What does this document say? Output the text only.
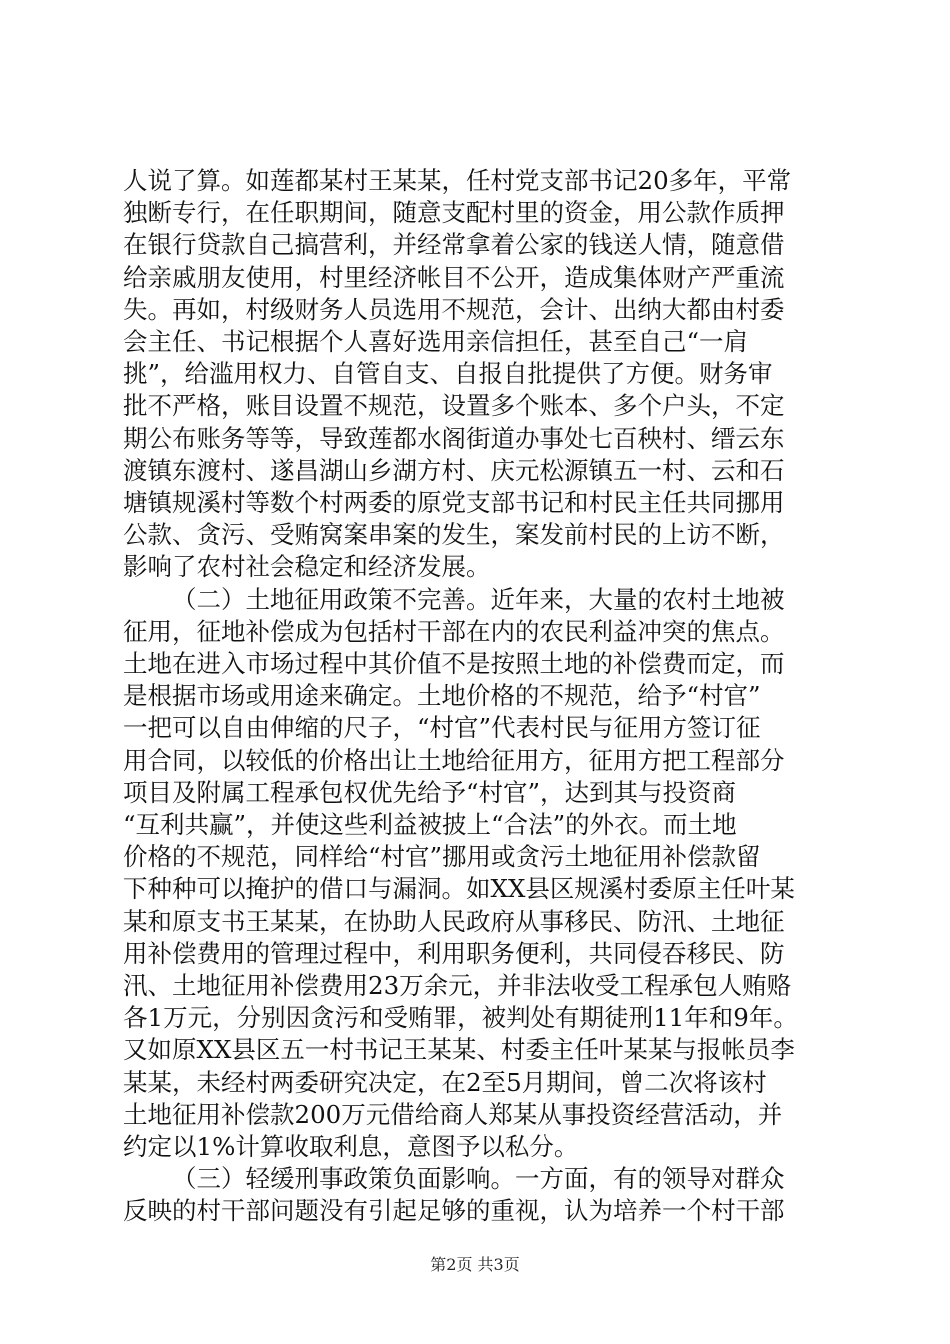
人说了算。如莲都某村王某某，任村党支部书记20多年，平常
独断专行，在任职期间，随意支配村里的资金，用公款作质押
在银行贷款自己搞营利，并经常拿着公家的钱送人情，随意借
给亲戚朋友使用，村里经济帐目不公开，造成集体财产严重流
失。再如，村级财务人员选用不规范，会计、出纳大都由村委
会主任、书记根据个人喜好选用亲信担任，甚至自己“一肩
挑”，给滥用权力、自管自支、自报自批提供了方便。财务审
批不严格，账目设置不规范，设置多个账本、多个户头，不定
期公布账务等等，导致莲都水阁街道办事处七百秧村、缙云东
渡镇东渡村、遂昌湖山乡湖方村、庆元松源镇五一村、云和石
塘镇规溪村等数个村两委的原党支部书记和村民主任共同挪用
公款、贪污、受贿窝案串案的发生，案发前村民的上访不断，
影响了农村社会稳定和经济发展。
（二）土地征用政策不完善。近年来，大量的农村土地被
征用，征地补偿成为包括村干部在内的农民利益冲突的焦点。
土地在进入市场过程中其价值不是按照土地的补偿费而定，而
是根据市场或用途来确定。土地价格的不规范，给予“村官”
一把可以自由伸缩的尺子，“村官”代表村民与征用方签订征
用合同，以较低的价格出让土地给征用方，征用方把工程部分
项目及附属工程承包权优先给予“村官”，达到其与投资商
“互利共赢”，并使这些利益被披上“合法”的外衣。而土地
价格的不规范，同样给“村官”挪用或贪污土地征用补偿款留
下种种可以掩护的借口与漏洞。如XX县区规溪村委原主任叶某
某和原支书王某某，在协助人民政府从事移民、防汛、土地征
用补偿费用的管理过程中，利用职务便利，共同侵吞移民、防
汛、土地征用补偿费用23万余元，并非法收受工程承包人贿赂
各1万元，分别因贪污和受贿罪，被判处有期徒刑11年和9年。
又如原XX县区五一村书记王某某、村委主任叶某某与报帐员李
某某，未经村两委研究决定，在2至5月期间，曾二次将该村
土地征用补偿款200万元借给商人郑某从事投资经营活动，并
约定以1%计算收取利息，意图予以私分。
（三）轻缓刑事政策负面影响。一方面，有的领导对群众
反映的村干部问题没有引起足够的重视，认为培养一个村干部
第2页 共3页
